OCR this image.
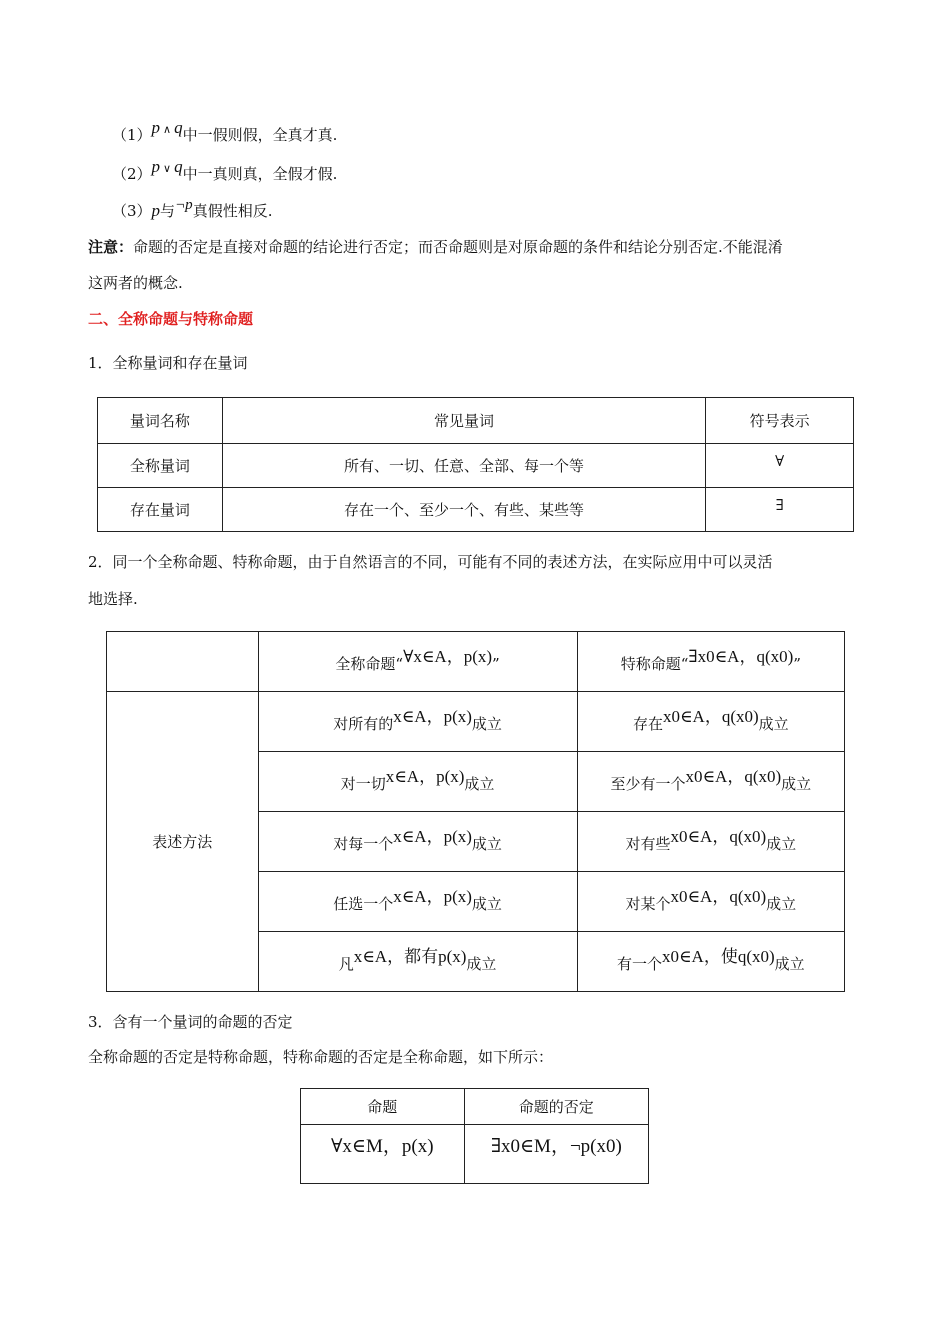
（1）p ∧ q中一假则假，全真才真.
（2）p ∨ q中一真则真，全假才假.
（3）p与¬p真假性相反.
注意：命题的否定是直接对命题的结论进行否定；而否命题则是对原命题的条件和结论分别否定.不能混淆
这两者的概念.
二、全称命题与特称命题
1．全称量词和存在量词
量词名称	常见量词	符号表示
全称量词	所有、一切、任意、全部、每一个等	∀
存在量词	存在一个、至少一个、有些、某些等	∃
2．同一个全称命题、特称命题，由于自然语言的不同，可能有不同的表述方法，在实际应用中可以灵活
地选择.
	全称命题“∀x∈A，p(x)”	特称命题“∃x0∈A，q(x0)”
表述方法	对所有的x∈A，p(x)成立	存在x0∈A，q(x0)成立
	对一切x∈A，p(x)成立	至少有一个x0∈A，q(x0)成立
	对每一个x∈A，p(x)成立	对有些x0∈A，q(x0)成立
	任选一个x∈A，p(x)成立	对某个x0∈A，q(x0)成立
	凡x∈A，都有p(x)成立	有一个x0∈A，使q(x0)成立
3．含有一个量词的命题的否定
全称命题的否定是特称命题，特称命题的否定是全称命题，如下所示：
命题	命题的否定
∀x∈M，p(x)	∃x0∈M，¬p(x0)
